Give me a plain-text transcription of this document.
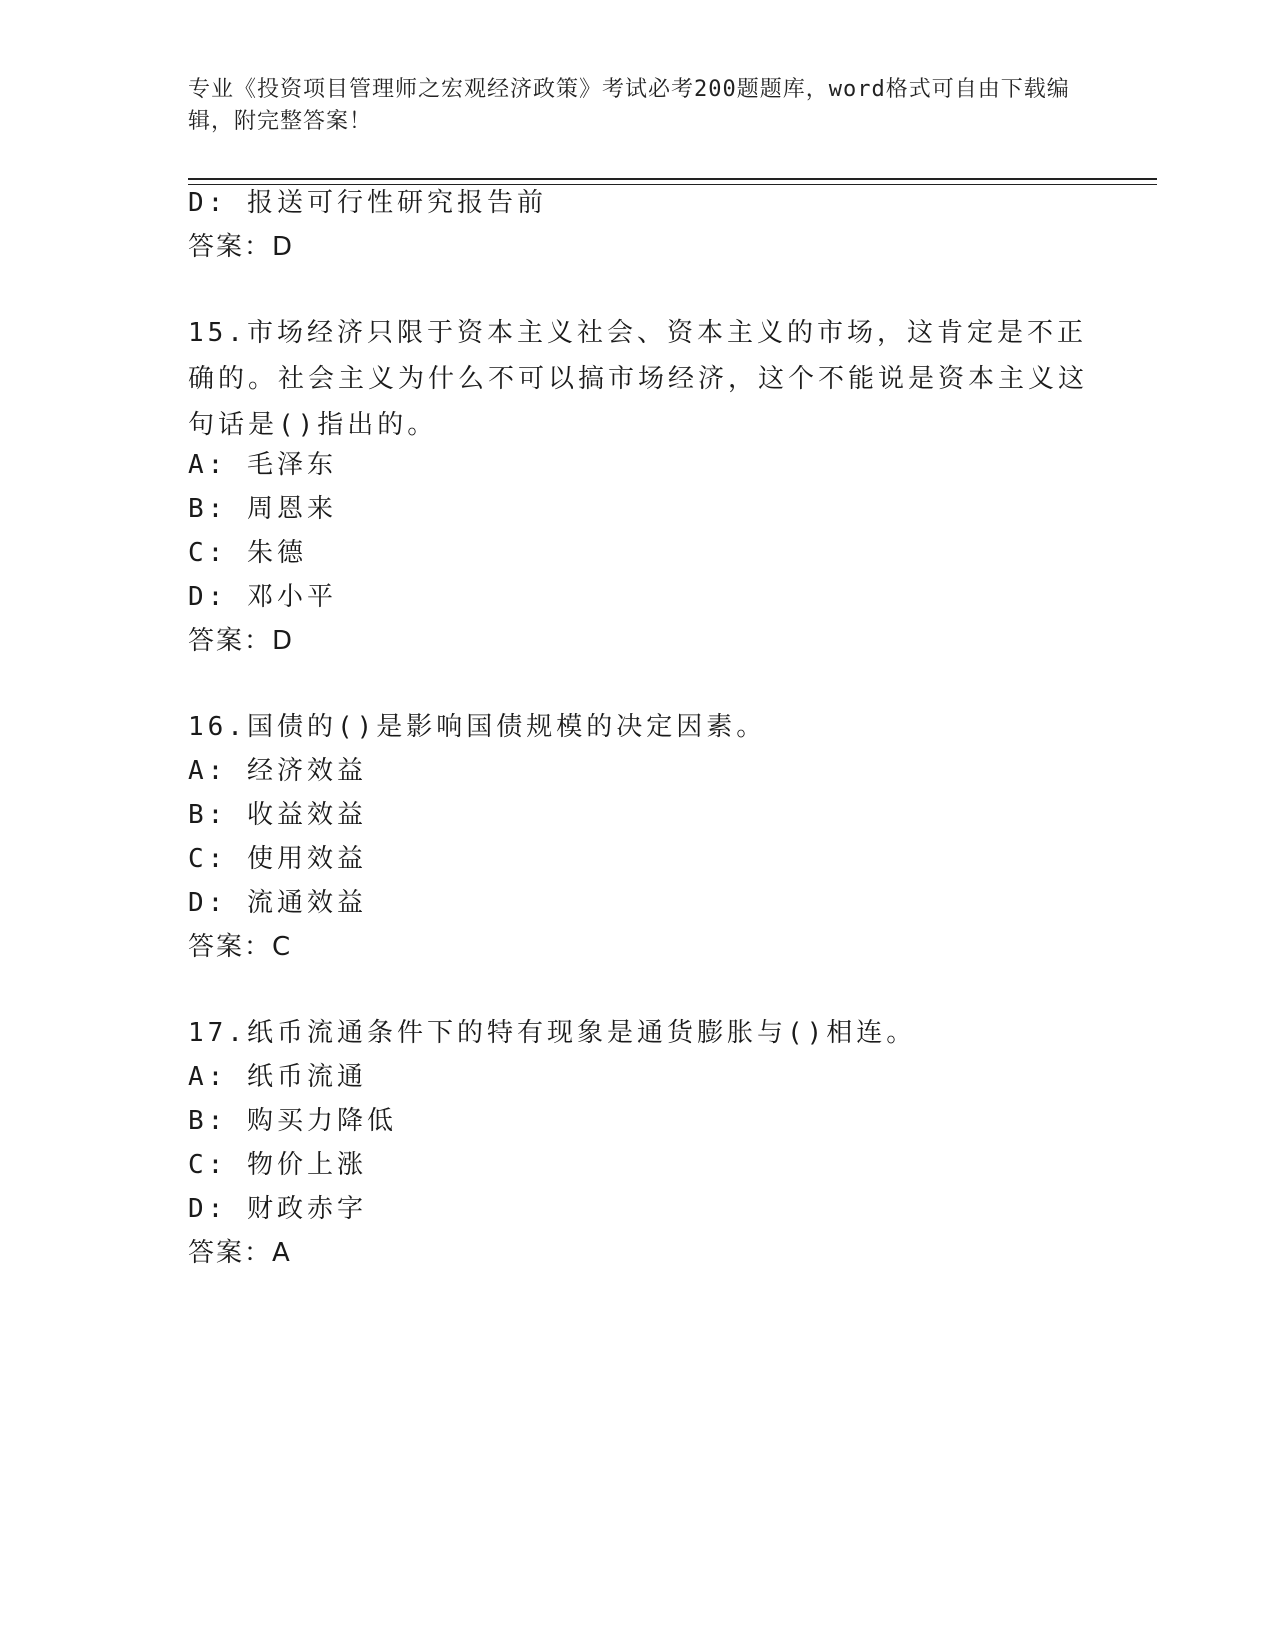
专业《投资项目管理师之宏观经济政策》考试必考200题题库，word格式可自由下载编辑，附完整答案！
D: 报送可行性研究报告前
答案：D
15.市场经济只限于资本主义社会、资本主义的市场，这肯定是不正确的。社会主义为什么不可以搞市场经济，这个不能说是资本主义这句话是()指出的。
A: 毛泽东
B: 周恩来
C: 朱德
D: 邓小平
答案：D
16.国债的()是影响国债规模的决定因素。
A: 经济效益
B: 收益效益
C: 使用效益
D: 流通效益
答案：C
17.纸币流通条件下的特有现象是通货膨胀与()相连。
A: 纸币流通
B: 购买力降低
C: 物价上涨
D: 财政赤字
答案：A
